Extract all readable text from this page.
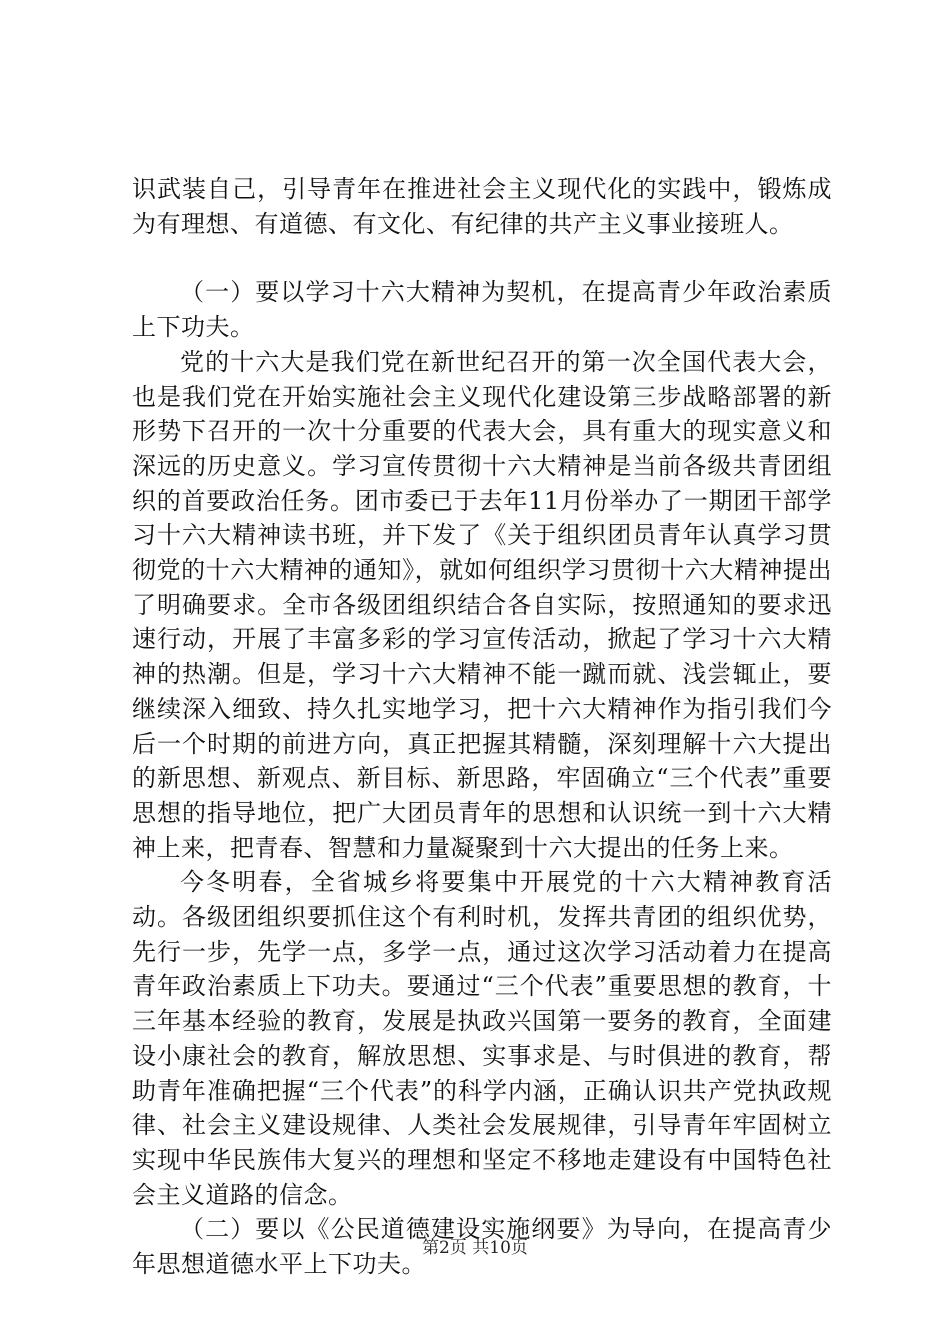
识武装自己，引导青年在推进社会主义现代化的实践中，锻炼成为有理想、有道德、有文化、有纪律的共产主义事业接班人。

（一）要以学习十六大精神为契机，在提高青少年政治素质上下功夫。

党的十六大是我们党在新世纪召开的第一次全国代表大会，也是我们党在开始实施社会主义现代化建设第三步战略部署的新形势下召开的一次十分重要的代表大会，具有重大的现实意义和深远的历史意义。学习宣传贯彻十六大精神是当前各级共青团组织的首要政治任务。团市委已于去年11月份举办了一期团干部学习十六大精神读书班，并下发了《关于组织团员青年认真学习贯彻党的十六大精神的通知》，就如何组织学习贯彻十六大精神提出了明确要求。全市各级团组织结合各自实际，按照通知的要求迅速行动，开展了丰富多彩的学习宣传活动，掀起了学习十六大精神的热潮。但是，学习十六大精神不能一蹴而就、浅尝辄止，要继续深入细致、持久扎实地学习，把十六大精神作为指引我们今后一个时期的前进方向，真正把握其精髓，深刻理解十六大提出的新思想、新观点、新目标、新思路，牢固确立“三个代表”重要思想的指导地位，把广大团员青年的思想和认识统一到十六大精神上来，把青春、智慧和力量凝聚到十六大提出的任务上来。

今冬明春，全省城乡将要集中开展党的十六大精神教育活动。各级团组织要抓住这个有利时机，发挥共青团的组织优势，先行一步，先学一点，多学一点，通过这次学习活动着力在提高青年政治素质上下功夫。要通过“三个代表”重要思想的教育，十三年基本经验的教育，发展是执政兴国第一要务的教育，全面建设小康社会的教育，解放思想、实事求是、与时俱进的教育，帮助青年准确把握“三个代表”的科学内涵，正确认识共产党执政规律、社会主义建设规律、人类社会发展规律，引导青年牢固树立实现中华民族伟大复兴的理想和坚定不移地走建设有中国特色社会主义道路的信念。

（二）要以《公民道德建设实施纲要》为导向，在提高青少年思想道德水平上下功夫。

第2页 共10页
